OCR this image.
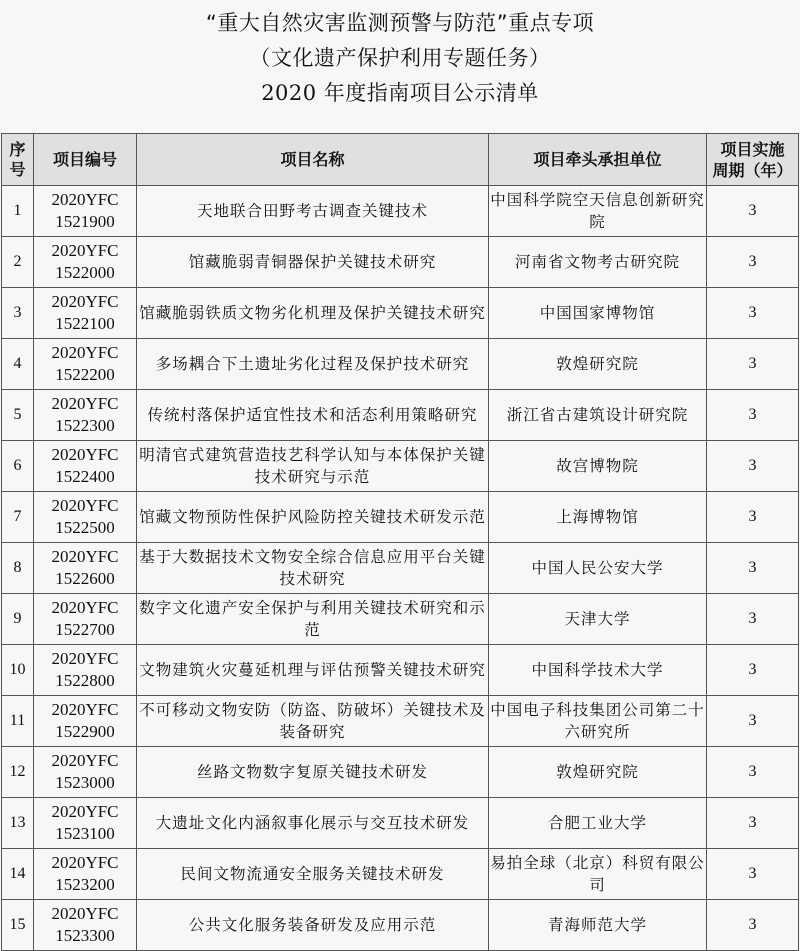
“重大自然灾害监测预警与防范”重点专项
（文化遗产保护利用专题任务）
2020 年度指南项目公示清单
序号	项目编号	项目名称	项目牵头承担单位	项目实施
周期（年）

1	2020YFC
1521900	天地联合田野考古调查关键技术	中国科学院空天信息创新研究院	3
2	2020YFC
1522000	馆藏脆弱青铜器保护关键技术研究	河南省文物考古研究院	3
3	2020YFC
1522100	馆藏脆弱铁质文物劣化机理及保护关键技术研究	中国国家博物馆	3
4	2020YFC
1522200	多场耦合下土遗址劣化过程及保护技术研究	敦煌研究院	3
5	2020YFC
1522300	传统村落保护适宜性技术和活态利用策略研究	浙江省古建筑设计研究院	3
6	2020YFC
1522400	明清官式建筑营造技艺科学认知与本体保护关键技术研究与示范	故宫博物院	3
7	2020YFC
1522500	馆藏文物预防性保护风险防控关键技术研发示范	上海博物馆	3
8	2020YFC
1522600	基于大数据技术文物安全综合信息应用平台关键技术研究	中国人民公安大学	3
9	2020YFC
1522700	数字文化遗产安全保护与利用关键技术研究和示范	天津大学	3
10	2020YFC
1522800	文物建筑火灾蔓延机理与评估预警关键技术研究	中国科学技术大学	3
11	2020YFC
1522900	不可移动文物安防（防盗、防破坏）关键技术及装备研究	中国电子科技集团公司第二十六研究所	3
12	2020YFC
1523000	丝路文物数字复原关键技术研发	敦煌研究院	3
13	2020YFC
1523100	大遗址文化内涵叙事化展示与交互技术研发	合肥工业大学	3
14	2020YFC
1523200	民间文物流通安全服务关键技术研发	易拍全球（北京）科贸有限公司	3
15	2020YFC
1523300	公共文化服务装备研发及应用示范	青海师范大学	3
